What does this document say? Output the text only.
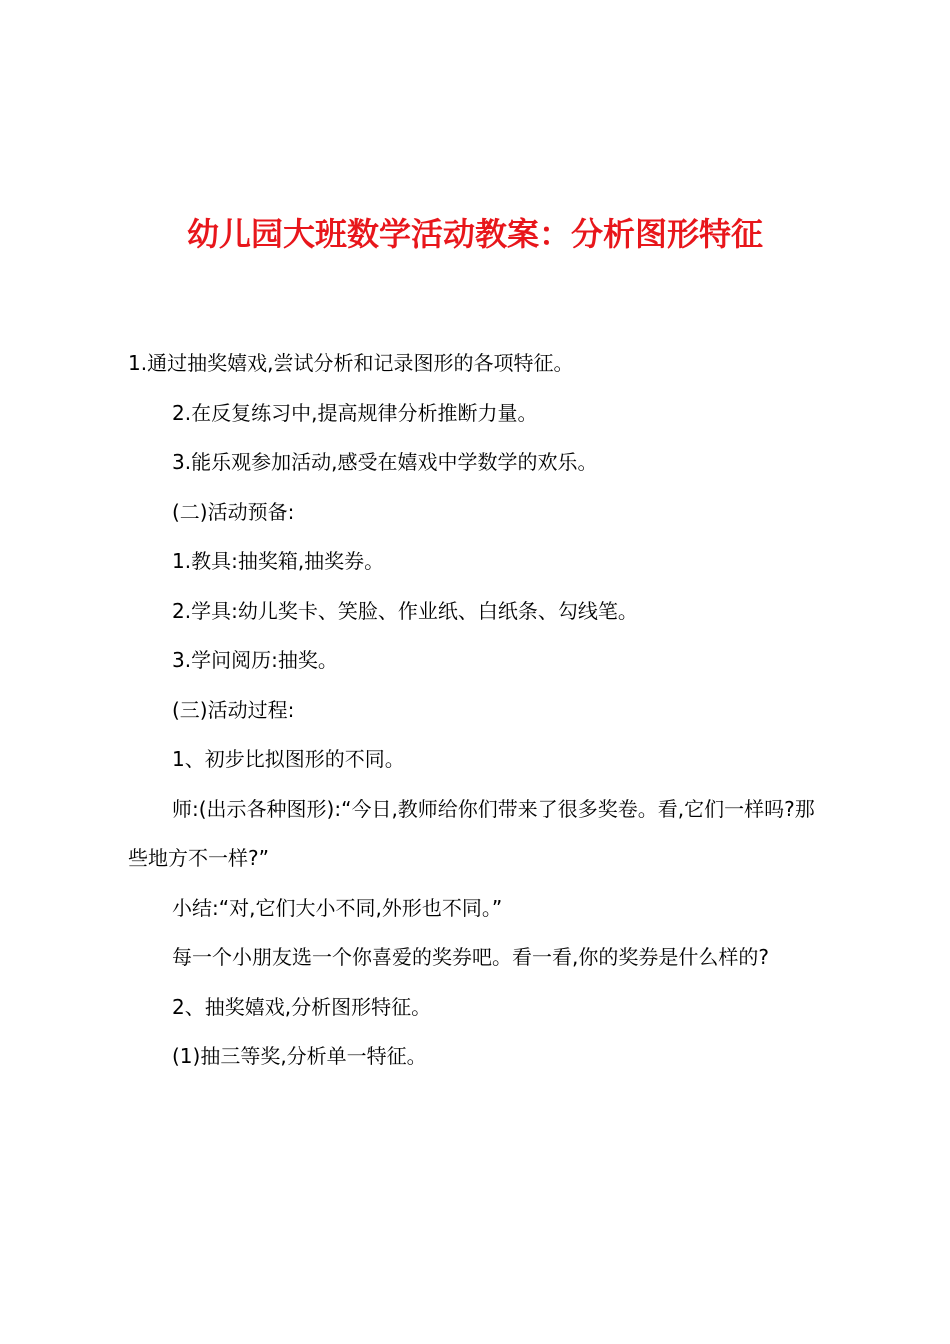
幼儿园大班数学活动教案：分析图形特征

1.通过抽奖嬉戏,尝试分析和记录图形的各项特征。

2.在反复练习中,提高规律分析推断力量。

3.能乐观参加活动,感受在嬉戏中学数学的欢乐。

(二)活动预备:

1.教具:抽奖箱,抽奖券。

2.学具:幼儿奖卡、笑脸、作业纸、白纸条、勾线笔。

3.学问阅历:抽奖。

(三)活动过程:

1、初步比拟图形的不同。

师:(出示各种图形):“今日,教师给你们带来了很多奖卷。看,它们一样吗?那些地方不一样?”

小结:“对,它们大小不同,外形也不同。”

每一个小朋友选一个你喜爱的奖券吧。看一看,你的奖券是什么样的?

2、抽奖嬉戏,分析图形特征。

(1)抽三等奖,分析单一特征。
